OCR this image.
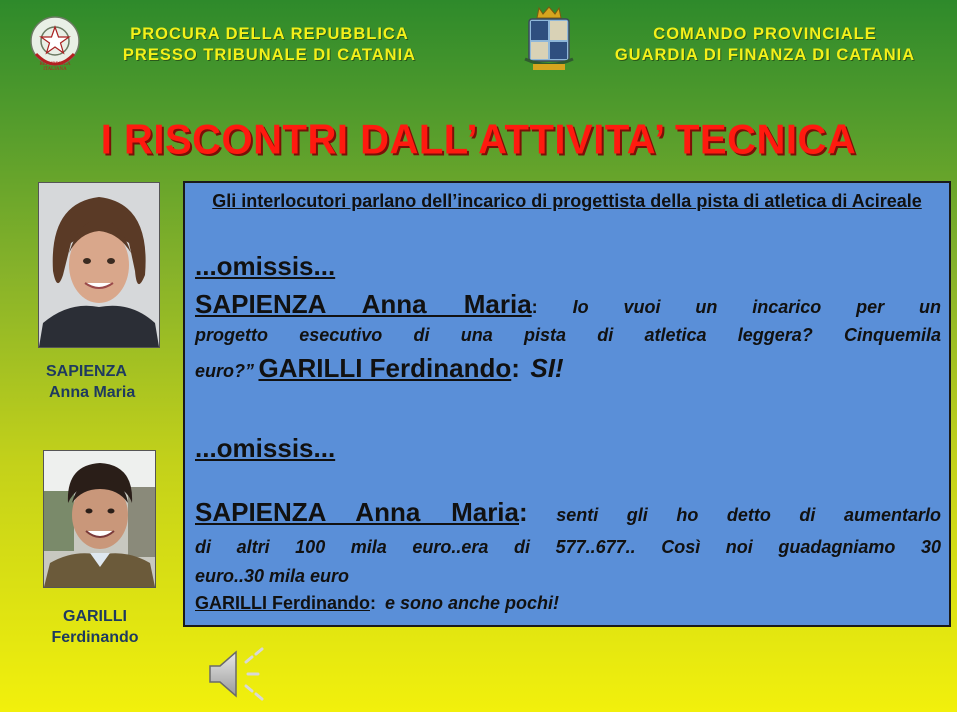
REPUBBLICA ITALIANA
PROCURA DELLA REPUBBLICA
PRESSO TRIBUNALE DI CATANIA
COMANDO PROVINCIALE
GUARDIA DI FINANZA DI CATANIA
I RISCONTRI DALL’ATTIVITA’ TECNICA
SAPIENZA
Anna Maria
GARILLI
Ferdinando
Gli interlocutori parlano dell’incarico di progettista della pista di atletica di Acireale
...omissis...
SAPIENZA Anna Maria: Io vuoi un incarico per un
progetto esecutivo di una pista di atletica leggera? Cinquemila
euro?” GARILLI Ferdinando: SI!
...omissis...
SAPIENZA Anna Maria: senti gli ho detto di aumentarlo
di altri 100 mila euro..era di 577..677.. Così noi guadagniamo 30
euro..30 mila euro
GARILLI Ferdinando: e sono anche pochi!
